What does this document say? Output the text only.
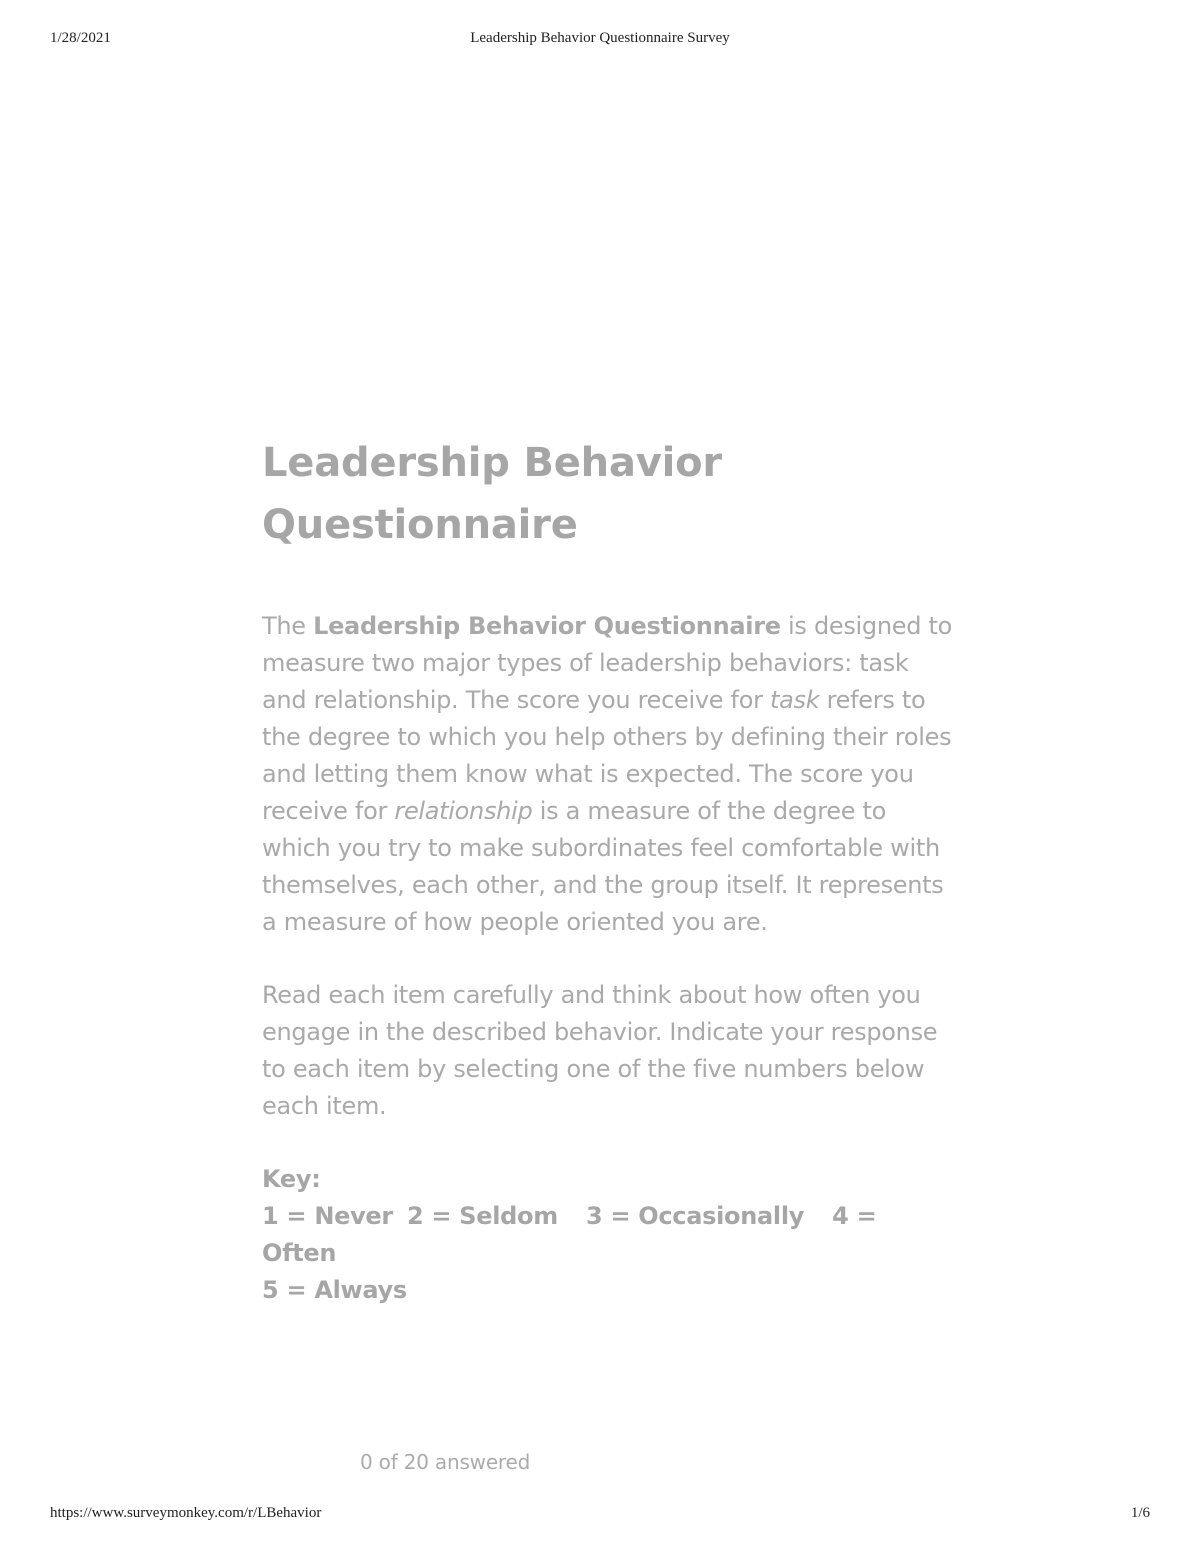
1/28/2021	Leadership Behavior Questionnaire Survey
Leadership Behavior
Questionnaire

The Leadership Behavior Questionnaire is designed to measure two major types of leadership behaviors: task and relationship. The score you receive for task refers to the degree to which you help others by defining their roles and letting them know what is expected. The score you receive for relationship is a measure of the degree to which you try to make subordinates feel comfortable with themselves, each other, and the group itself. It represents a measure of how people oriented you are.

Read each item carefully and think about how often you engage in the described behavior. Indicate your response to each item by selecting one of the five numbers below each item.

Key:
1 = Never 2 = Seldom 3 = Occasionally 4 = Often
5 = Always
0 of 20 answered
https://www.surveymonkey.com/r/LBehavior	1/6
